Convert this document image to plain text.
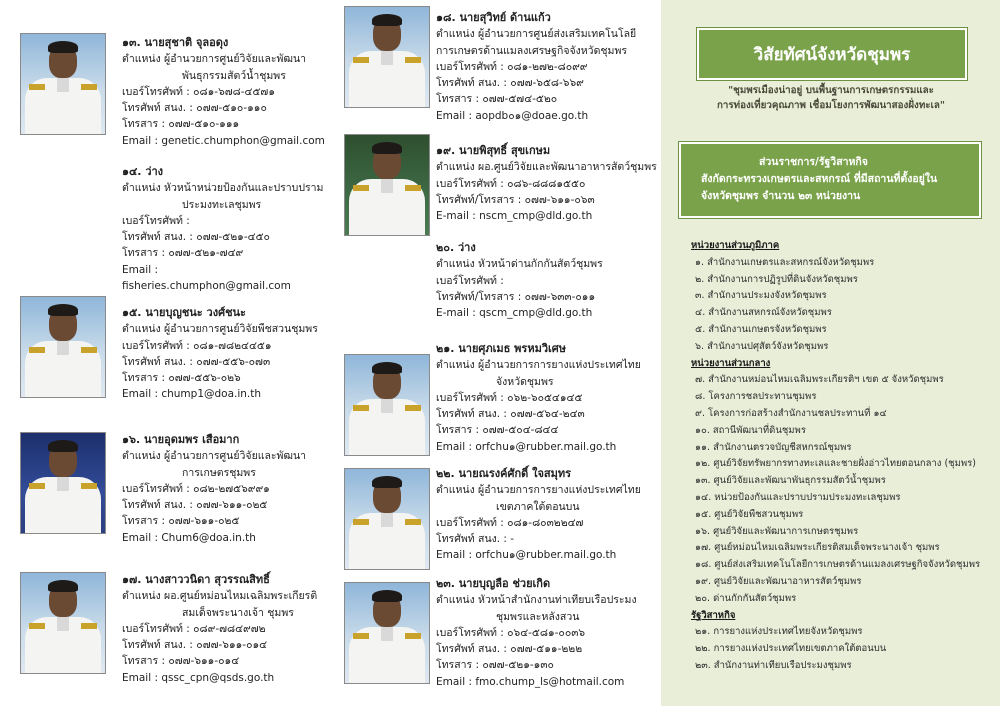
๑๓. นายสุชาติ จุลอดุง
ตำแหน่ง ผู้อำนวยการศูนย์วิจัยและพัฒนา
พันธุกรรมสัตว์น้ำชุมพร
เบอร์โทรศัพท์ : ๐๘๑-๖๗๘-๔๕๗๑
โทรศัพท์ สนง. : ๐๗๗-๕๑๐-๑๑๐
โทรสาร : ๐๗๗-๕๑๐-๑๑๑
Email : genetic.chumphon@gmail.com
๑๔. ว่าง
ตำแหน่ง หัวหน้าหน่วยป้องกันและปราบปราม
ประมงทะเลชุมพร
เบอร์โทรศัพท์ :
โทรศัพท์ สนง. : ๐๗๗-๕๒๑-๔๕๐
โทรสาร : ๐๗๗-๕๒๑-๗๔๙
Email : fisheries.chumphon@gmail.com
๑๕. นายบุญชนะ วงศ์ชนะ
ตำแหน่ง ผู้อำนวยการศูนย์วิจัยพืชสวนชุมพร
เบอร์โทรศัพท์ : ๐๘๑-๗๘๒๔๔๕๑
โทรศัพท์ สนง. : ๐๗๗-๕๕๖-๐๗๓
โทรสาร : ๐๗๗-๕๕๖-๐๒๖
Email : chump1@doa.in.th
๑๖. นายอุดมพร เสือมาก
ตำแหน่ง ผู้อำนวยการศูนย์วิจัยและพัฒนา
การเกษตรชุมพร
เบอร์โทรศัพท์ : ๐๘๒-๒๗๕๖๙๙๑
โทรศัพท์ สนง. : ๐๗๗-๖๑๑-๐๒๕
โทรสาร : ๐๗๗-๖๑๑-๐๒๕
Email : Chum6@doa.in.th
๑๗. นางสาววนิดา สุวรรณสิทธิ์
ตำแหน่ง ผอ.ศูนย์หม่อนไหมเฉลิมพระเกียรติ
สมเด็จพระนางเจ้า ชุมพร
เบอร์โทรศัพท์ : ๐๘๙-๗๘๔๙๗๒
โทรศัพท์ สนง. : ๐๗๗-๖๑๑-๐๑๔
โทรสาร : ๐๗๗-๖๑๑-๐๑๔
Email : qssc_cpn@qsds.go.th
๑๘. นายสุวิทย์ ด้านแก้ว
ตำแหน่ง ผู้อำนวยการศูนย์ส่งเสริมเทคโนโลยี
การเกษตรด้านแมลงเศรษฐกิจจังหวัดชุมพร
เบอร์โทรศัพท์ : ๐๘๑-๒๗๒-๘๐๙๙
โทรศัพท์ สนง. : ๐๗๗-๖๕๘-๖๖๙
โทรสาร : ๐๗๗-๕๗๔-๕๒๐
Email : aopdb๐๑@doae.go.th
๑๙. นายพิสุทธิ์ สุขเกษม
ตำแหน่ง ผอ.ศูนย์วิจัยและพัฒนาอาหารสัตว์ชุมพร
เบอร์โทรศัพท์ : ๐๘๖-๘๘๘๑๕๕๐
โทรศัพท์/โทรสาร : ๐๗๗-๖๑๑-๐๖๓
E-mail : nscm_cmp@dld.go.th
๒๐. ว่าง
ตำแหน่ง หัวหน้าด่านกักกันสัตว์ชุมพร
เบอร์โทรศัพท์ :
โทรศัพท์/โทรสาร : ๐๗๗-๖๓๓-๐๑๑
E-mail : qscm_cmp@dld.go.th
๒๑. นายศุภเมธ พรหมวิเศษ
ตำแหน่ง ผู้อำนวยการการยางแห่งประเทศไทย
จังหวัดชุมพร
เบอร์โทรศัพท์ : ๐๖๒-๖๐๕๔๑๔๕
โทรศัพท์ สนง. : ๐๗๗-๕๖๔-๒๔๓
โทรสาร : ๐๗๗-๕๐๔-๘๔๔
Email : orfchu๑@rubber.mail.go.th
๒๒. นายณรงค์ศักดิ์ ใจสมุทร
ตำแหน่ง ผู้อำนวยการการยางแห่งประเทศไทย
เขตภาคใต้ตอนบน
เบอร์โทรศัพท์ : ๐๘๑-๘๐๓๒๒๔๗
โทรศัพท์ สนง. : -
Email : orfchu๑@rubber.mail.go.th
๒๓. นายบุญลือ ช่วยเกิด
ตำแหน่ง หัวหน้าสำนักงานท่าเทียบเรือประมง
ชุมพรและหลังสวน
เบอร์โทรศัพท์ : ๐๖๔-๕๘๑-๐๐๓๖
โทรศัพท์ สนง. : ๐๗๗-๕๑๑-๒๒๒
โทรสาร : ๐๗๗-๕๒๑-๑๓๐
Email : fmo.chump_ls@hotmail.com
วิสัยทัศน์จังหวัดชุมพร
"ชุมพรเมืองน่าอยู่ บนพื้นฐานการเกษตรกรรมและ
การท่องเที่ยวคุณภาพ เชื่อมโยงการพัฒนาสองฝั่งทะเล"
ส่วนราชการ/รัฐวิสาหกิจ
สังกัดกระทรวงเกษตรและสหกรณ์ ที่มีสถานที่ตั้งอยู่ใน
จังหวัดชุมพร จำนวน ๒๓ หน่วยงาน
หน่วยงานส่วนภูมิภาค
๑. สำนักงานเกษตรและสหกรณ์จังหวัดชุมพร
๒. สำนักงานการปฏิรูปที่ดินจังหวัดชุมพร
๓. สำนักงานประมงจังหวัดชุมพร
๔. สำนักงานสหกรณ์จังหวัดชุมพร
๕. สำนักงานเกษตรจังหวัดชุมพร
๖. สำนักงานปศุสัตว์จังหวัดชุมพร
หน่วยงานส่วนกลาง
๗. สำนักงานหม่อนไหมเฉลิมพระเกียรติฯ เขต ๕ จังหวัดชุมพร
๘. โครงการชลประทานชุมพร
๙. โครงการก่อสร้างสำนักงานชลประทานที่ ๑๔
๑๐. สถานีพัฒนาที่ดินชุมพร
๑๑. สำนักงานตรวจบัญชีสหกรณ์ชุมพร
๑๒. ศูนย์วิจัยทรัพยากรทางทะเลและชายฝั่งอ่าวไทยตอนกลาง (ชุมพร)
๑๓. ศูนย์วิจัยและพัฒนาพันธุกรรมสัตว์น้ำชุมพร
๑๔. หน่วยป้องกันและปราบปรามประมงทะเลชุมพร
๑๕. ศูนย์วิจัยพืชสวนชุมพร
๑๖. ศูนย์วิจัยและพัฒนาการเกษตรชุมพร
๑๗. ศูนย์หม่อนไหมเฉลิมพระเกียรติสมเด็จพระนางเจ้า ชุมพร
๑๘. ศูนย์ส่งเสริมเทคโนโลยีการเกษตรด้านแมลงเศรษฐกิจจังหวัดชุมพร
๑๙. ศูนย์วิจัยและพัฒนาอาหารสัตว์ชุมพร
๒๐. ด่านกักกันสัตว์ชุมพร
รัฐวิสาหกิจ
๒๑. การยางแห่งประเทศไทยจังหวัดชุมพร
๒๒. การยางแห่งประเทศไทยเขตภาคใต้ตอนบน
๒๓. สำนักงานท่าเทียบเรือประมงชุมพร
